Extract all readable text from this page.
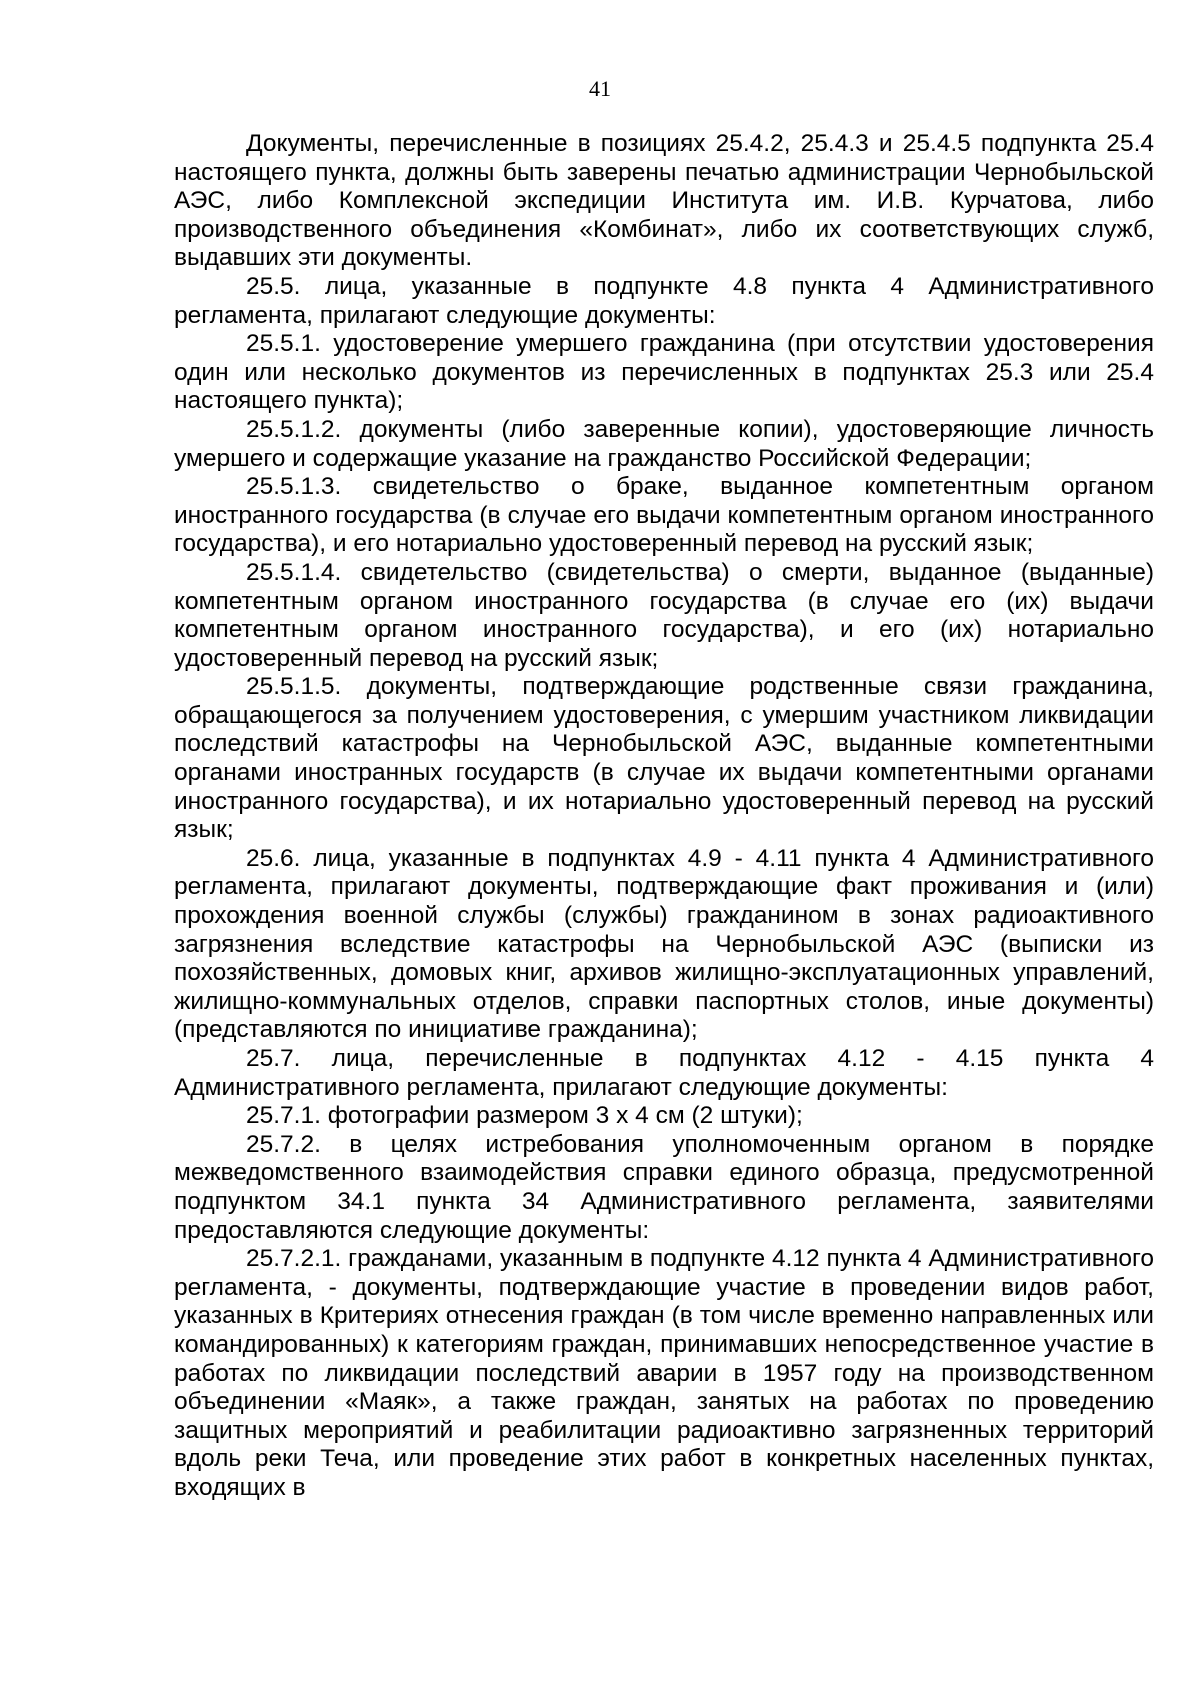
41

Документы, перечисленные в позициях 25.4.2, 25.4.3 и 25.4.5 подпункта 25.4 настоящего пункта, должны быть заверены печатью администрации Чернобыльской АЭС, либо Комплексной экспедиции Института им. И.В. Курчатова, либо производственного объединения «Комбинат», либо их соответствующих служб, выдавших эти документы.

25.5. лица, указанные в подпункте 4.8 пункта 4 Административного регламента, прилагают следующие документы:

25.5.1. удостоверение умершего гражданина (при отсутствии удостоверения один или несколько документов из перечисленных в подпунктах 25.3 или 25.4 настоящего пункта);

25.5.1.2. документы (либо заверенные копии), удостоверяющие личность умершего и содержащие указание на гражданство Российской Федерации;

25.5.1.3. свидетельство о браке, выданное компетентным органом иностранного государства (в случае его выдачи компетентным органом иностранного государства), и его нотариально удостоверенный перевод на русский язык;

25.5.1.4. свидетельство (свидетельства) о смерти, выданное (выданные) компетентным органом иностранного государства (в случае его (их) выдачи компетентным органом иностранного государства), и его (их) нотариально удостоверенный перевод на русский язык;

25.5.1.5. документы, подтверждающие родственные связи гражданина, обращающегося за получением удостоверения, с умершим участником ликвидации последствий катастрофы на Чернобыльской АЭС, выданные компетентными органами иностранных государств (в случае их выдачи компетентными органами иностранного государства), и их нотариально удостоверенный перевод на русский язык;

25.6. лица, указанные в подпунктах 4.9 - 4.11 пункта 4 Административного регламента, прилагают документы, подтверждающие факт проживания и (или) прохождения военной службы (службы) гражданином в зонах радиоактивного загрязнения вследствие катастрофы на Чернобыльской АЭС (выписки из похозяйственных, домовых книг, архивов жилищно-эксплуатационных управлений, жилищно-коммунальных отделов, справки паспортных столов, иные документы) (представляются по инициативе гражданина);

25.7. лица, перечисленные в подпунктах 4.12 - 4.15 пункта 4 Административного регламента, прилагают следующие документы:

25.7.1. фотографии размером 3 х 4 см (2 штуки);

25.7.2. в целях истребования уполномоченным органом в порядке межведомственного взаимодействия справки единого образца, предусмотренной подпунктом 34.1 пункта 34 Административного регламента, заявителями предоставляются следующие документы:

25.7.2.1. гражданами, указанным в подпункте 4.12 пункта 4 Административного регламента, - документы, подтверждающие участие в проведении видов работ, указанных в Критериях отнесения граждан (в том числе временно направленных или командированных) к категориям граждан, принимавших непосредственное участие в работах по ликвидации последствий аварии в 1957 году на производственном объединении «Маяк», а также граждан, занятых на работах по проведению защитных мероприятий и реабилитации радиоактивно загрязненных территорий вдоль реки Теча, или проведение этих работ в конкретных населенных пунктах, входящих в
